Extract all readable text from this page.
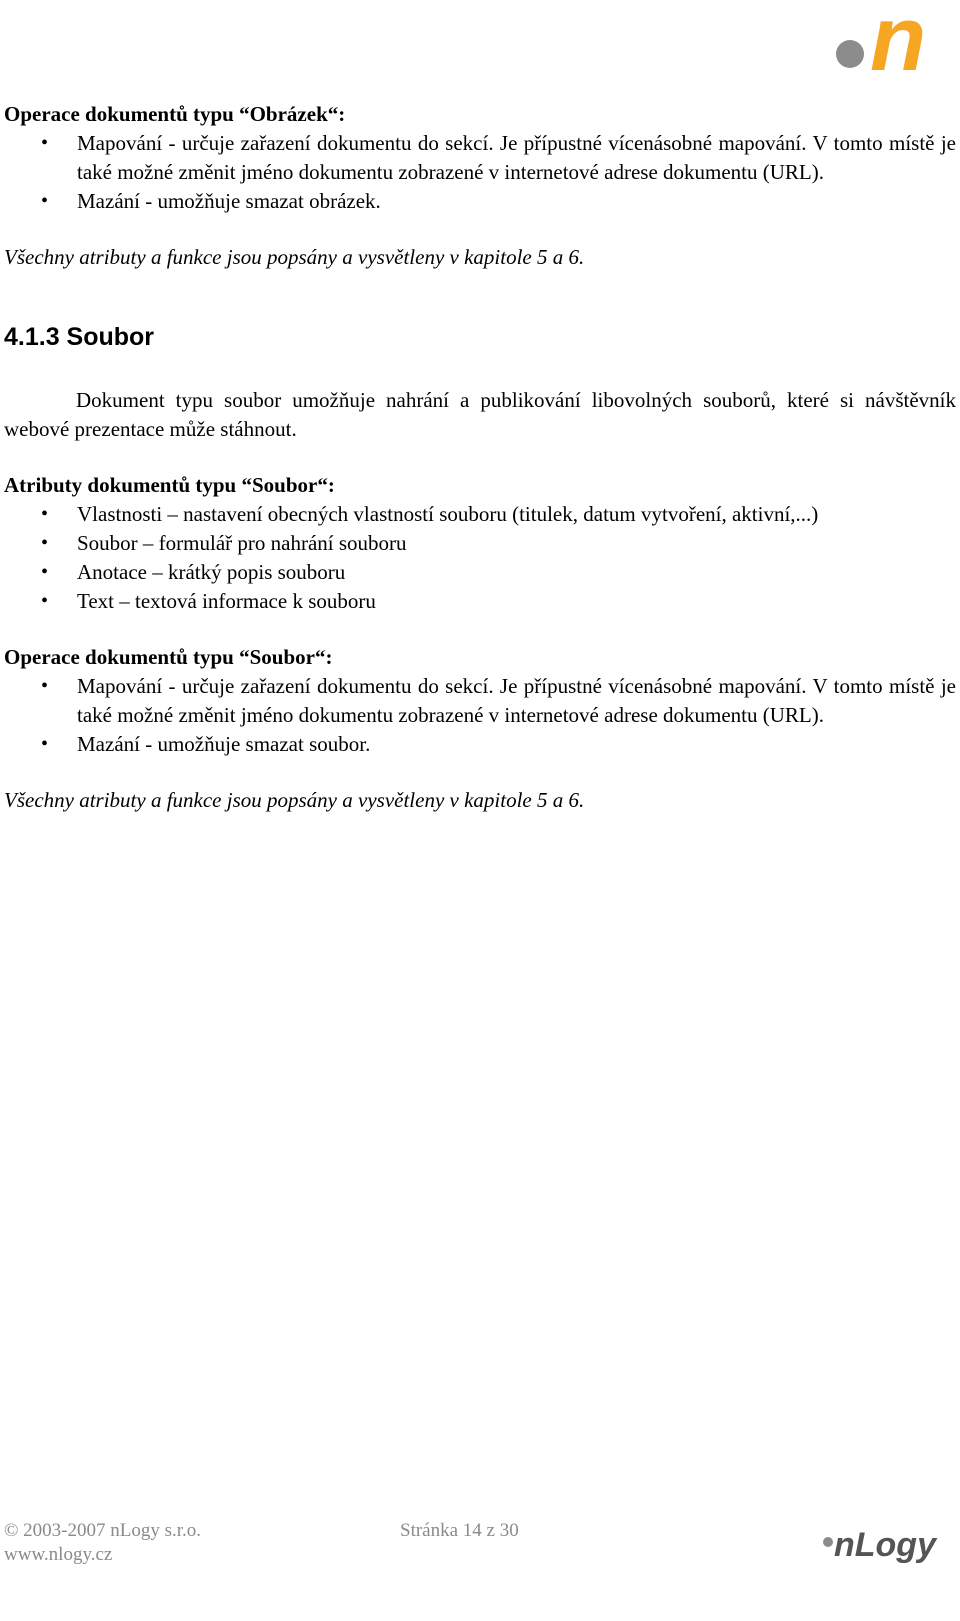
n

Operace dokumentů typu “Obrázek“:

• Mapování - určuje zařazení dokumentu do sekcí. Je přípustné vícenásobné mapování. V tomto místě je také možné změnit jméno dokumentu zobrazené v internetové adrese dokumentu (URL).
• Mazání - umožňuje smazat obrázek.

Všechny atributy a funkce jsou popsány a vysvětleny v kapitole 5 a 6.

4.1.3 Soubor

Dokument typu soubor umožňuje nahrání a publikování libovolných souborů, které si návštěvník webové prezentace může stáhnout.

Atributy dokumentů typu “Soubor“:

• Vlastnosti – nastavení obecných vlastností souboru (titulek, datum vytvoření, aktivní,...)
• Soubor – formulář pro nahrání souboru
• Anotace – krátký popis souboru
• Text – textová informace k souboru

Operace dokumentů typu “Soubor“:

• Mapování - určuje zařazení dokumentu do sekcí. Je přípustné vícenásobné mapování. V tomto místě je také možné změnit jméno dokumentu zobrazené v internetové adrese dokumentu (URL).
• Mazání - umožňuje smazat soubor.

Všechny atributy a funkce jsou popsány a vysvětleny v kapitole 5 a 6.

© 2003-2007 nLogy s.r.o.
www.nlogy.cz
Stránka 14 z 30	nLogy
